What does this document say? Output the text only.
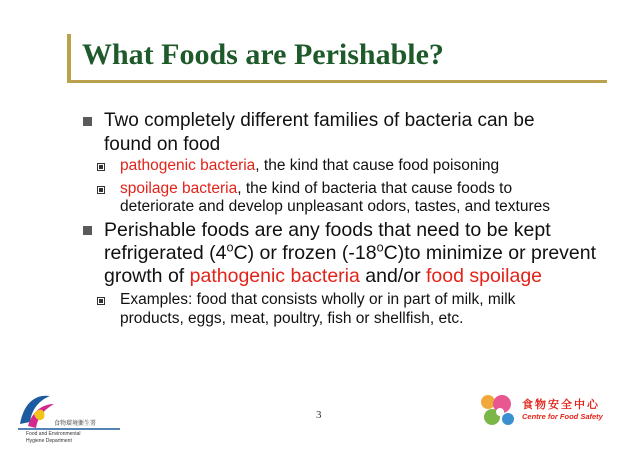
What Foods are Perishable?
Two completely different families of bacteria can be
found on food
pathogenic bacteria, the kind that cause food poisoning
spoilage bacteria, the kind of bacteria that cause foods to
deteriorate and develop unpleasant odors, tastes, and textures
Perishable foods are any foods that need to be kept
refrigerated (4$^o$C) or frozen (-18$^o$C)to minimize or prevent
growth of pathogenic bacteria and/or food spoilage
Examples: food that consists wholly or in part of milk, milk
products, eggs, meat, poultry, fish or shellfish, etc.
3
食物環境衞生署
Food and Environmental
Hygiene Department
食物安全中心
Centre for Food Safety
